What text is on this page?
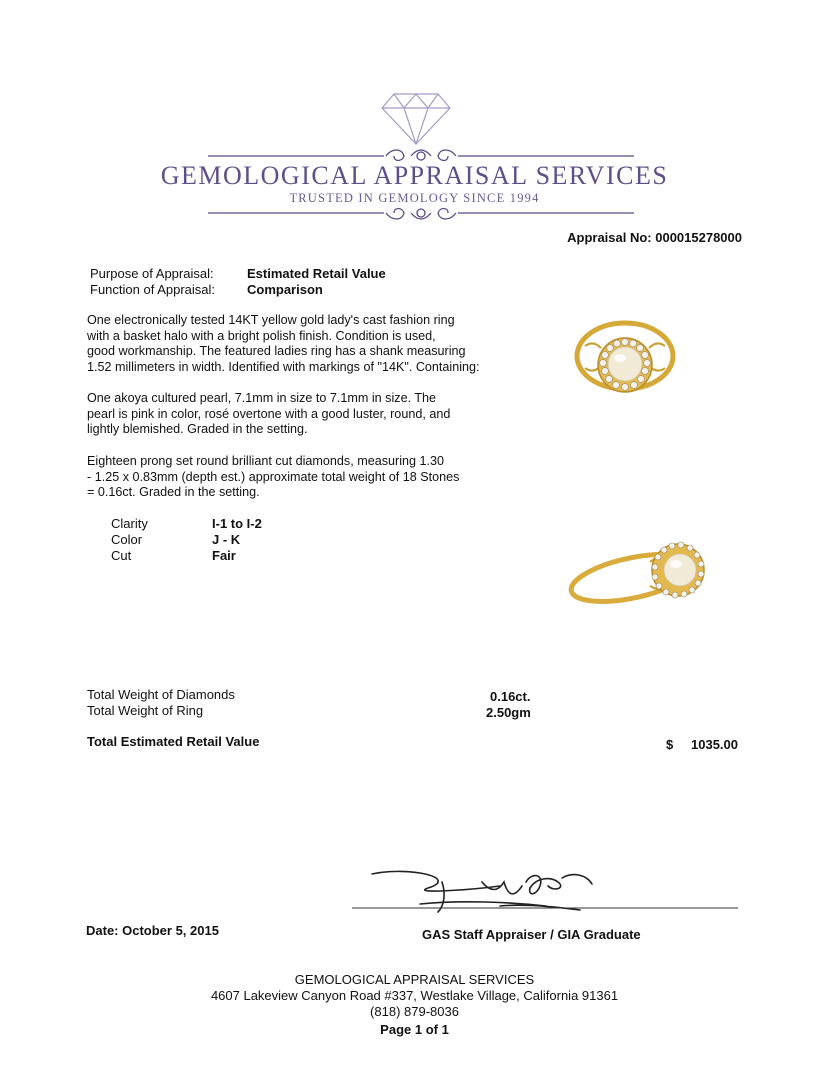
GEMOLOGICAL APPRAISAL SERVICES
TRUSTED IN GEMOLOGY SINCE 1994
Appraisal No: 000015278000
Purpose of Appraisal:	Estimated Retail Value
Function of Appraisal: Comparison
One electronically tested 14KT yellow gold lady's cast fashion ring
with a basket halo with a bright polish finish. Condition is used,
good workmanship. The featured ladies ring has a shank measuring
1.52 millimeters in width. Identified with markings of "14K". Containing:
One akoya cultured pearl, 7.1mm in size to 7.1mm in size. The
pearl is pink in color, rosé overtone with a good luster, round, and
lightly blemished. Graded in the setting.
Eighteen prong set round brilliant cut diamonds, measuring 1.30
- 1.25 x 0.83mm (depth est.) approximate total weight of 18 Stones
= 0.16ct. Graded in the setting.
Clarity	I-1 to I-2
Color	J - K
Cut	Fair
Total Weight of Diamonds	0.16ct.
Total Weight of Ring	2.50gm
Total Estimated Retail Value	$ 1035.00
Date: October 5, 2015	GAS Staff Appraiser / GIA Graduate
GEMOLOGICAL APPRAISAL SERVICES
4607 Lakeview Canyon Road #337, Westlake Village, California 91361
(818) 879-8036
Page 1 of 1
